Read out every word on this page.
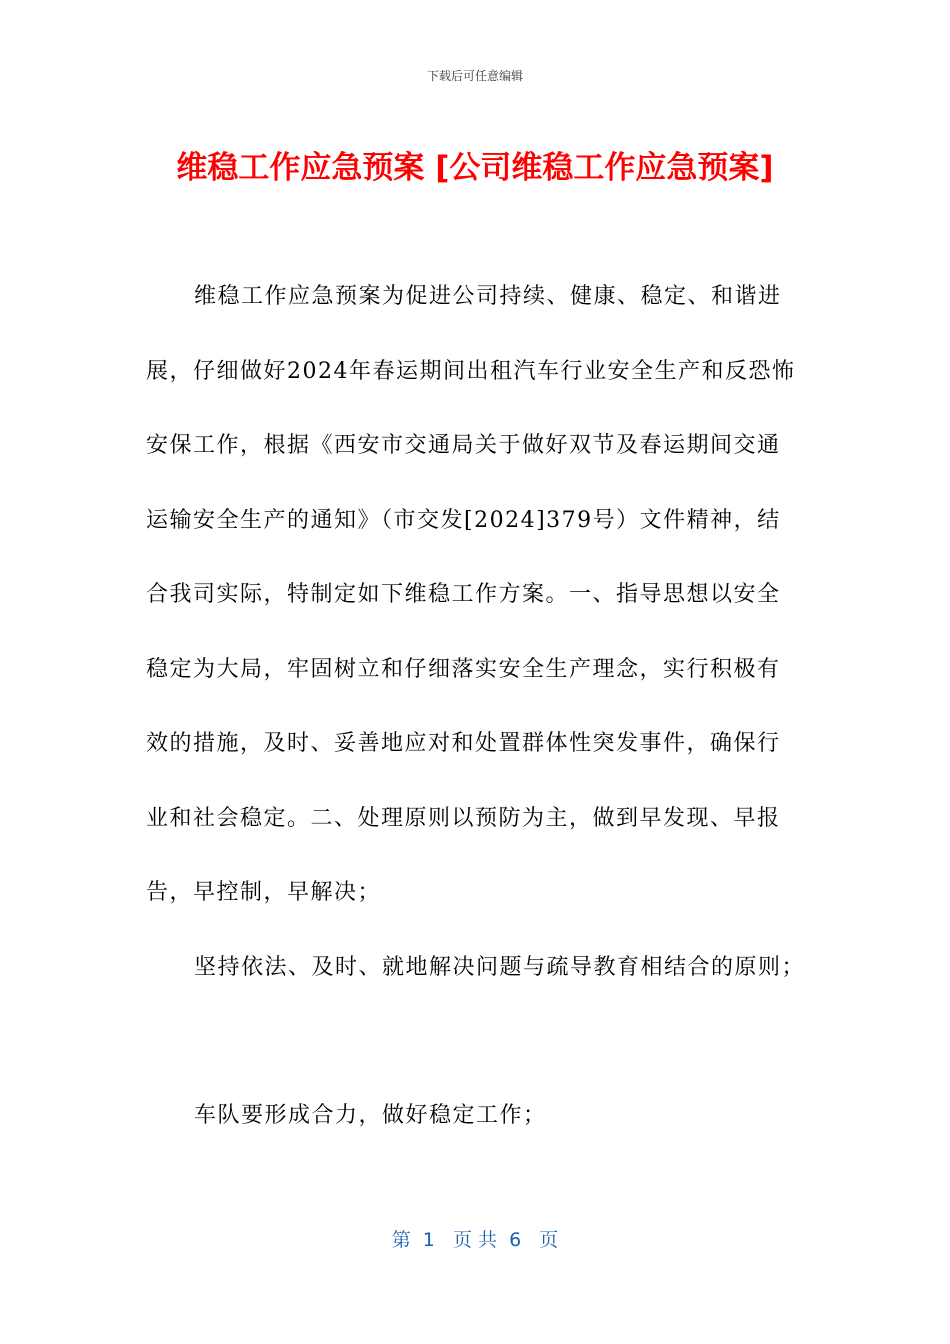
下载后可任意编辑
维稳工作应急预案 [公司维稳工作应急预案]
维稳工作应急预案为促进公司持续、健康、稳定、和谐进
展，仔细做好2024年春运期间出租汽车行业安全生产和反恐怖
安保工作，根据《西安市交通局关于做好双节及春运期间交通
运输安全生产的通知》（市交发[2024]379号）文件精神，结
合我司实际，特制定如下维稳工作方案。一、指导思想以安全
稳定为大局，牢固树立和仔细落实安全生产理念，实行积极有
效的措施，及时、妥善地应对和处置群体性突发事件，确保行
业和社会稳定。二、处理原则以预防为主，做到早发现、早报
告，早控制，早解决；
坚持依法、及时、就地解决问题与疏导教育相结合的原则；
车队要形成合力，做好稳定工作；
第  1   页 共  6   页
